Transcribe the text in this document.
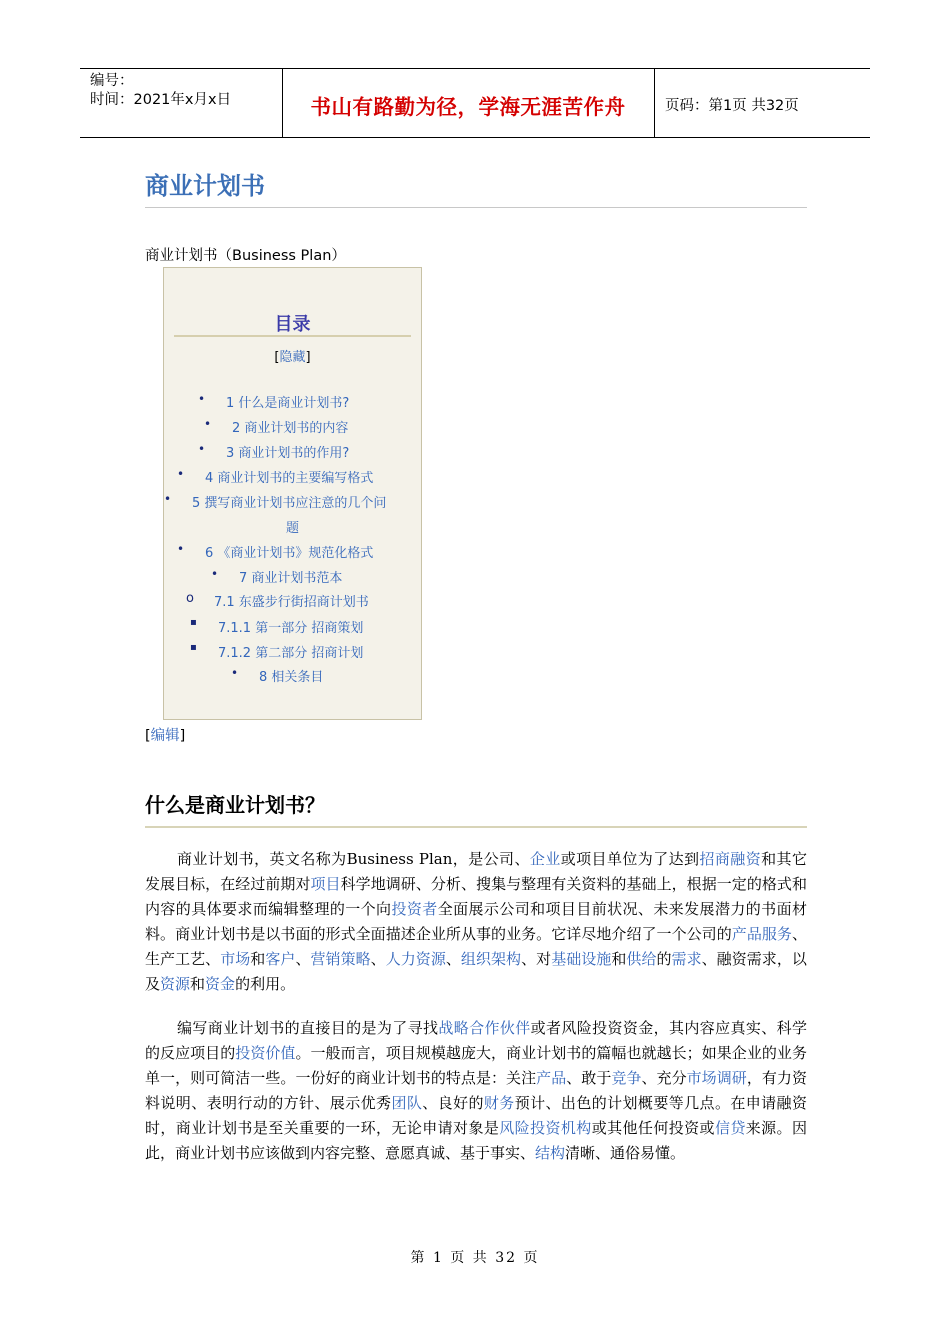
编号：
时间：2021年x月x日	书山有路勤为径，学海无涯苦作舟	页码：第1页 共32页
商业计划书
商业计划书（Business Plan）
目录
[隐藏]
• 1 什么是商业计划书?
• 2 商业计划书的内容
• 3 商业计划书的作用?
• 4 商业计划书的主要编写格式
• 5 撰写商业计划书应注意的几个问
题
• 6 《商业计划书》规范化格式
• 7 商业计划书范本
o 7.1 东盛步行街招商计划书
▪ 7.1.1 第一部分 招商策划
▪ 7.1.2 第二部分 招商计划
• 8 相关条目
[编辑]
什么是商业计划书？
商业计划书，英文名称为Business Plan，是公司、企业或项目单位为了达到招商融资和其它发展目标，在经过前期对项目科学地调研、分析、搜集与整理有关资料的基础上，根据一定的格式和内容的具体要求而编辑整理的一个向投资者全面展示公司和项目目前状况、未来发展潜力的书面材料。商业计划书是以书面的形式全面描述企业所从事的业务。它详尽地介绍了一个公司的产品服务、生产工艺、市场和客户、营销策略、人力资源、组织架构、对基础设施和供给的需求、融资需求，以及资源和资金的利用。
编写商业计划书的直接目的是为了寻找战略合作伙伴或者风险投资资金，其内容应真实、科学的反应项目的投资价值。一般而言，项目规模越庞大，商业计划书的篇幅也就越长；如果企业的业务单一，则可简洁一些。一份好的商业计划书的特点是：关注产品、敢于竞争、充分市场调研，有力资料说明、表明行动的方针、展示优秀团队、良好的财务预计、出色的计划概要等几点。在申请融资时，商业计划书是至关重要的一环，无论申请对象是风险投资机构或其他任何投资或信贷来源。因此，商业计划书应该做到内容完整、意愿真诚、基于事实、结构清晰、通俗易懂。
第 1 页 共 32 页
